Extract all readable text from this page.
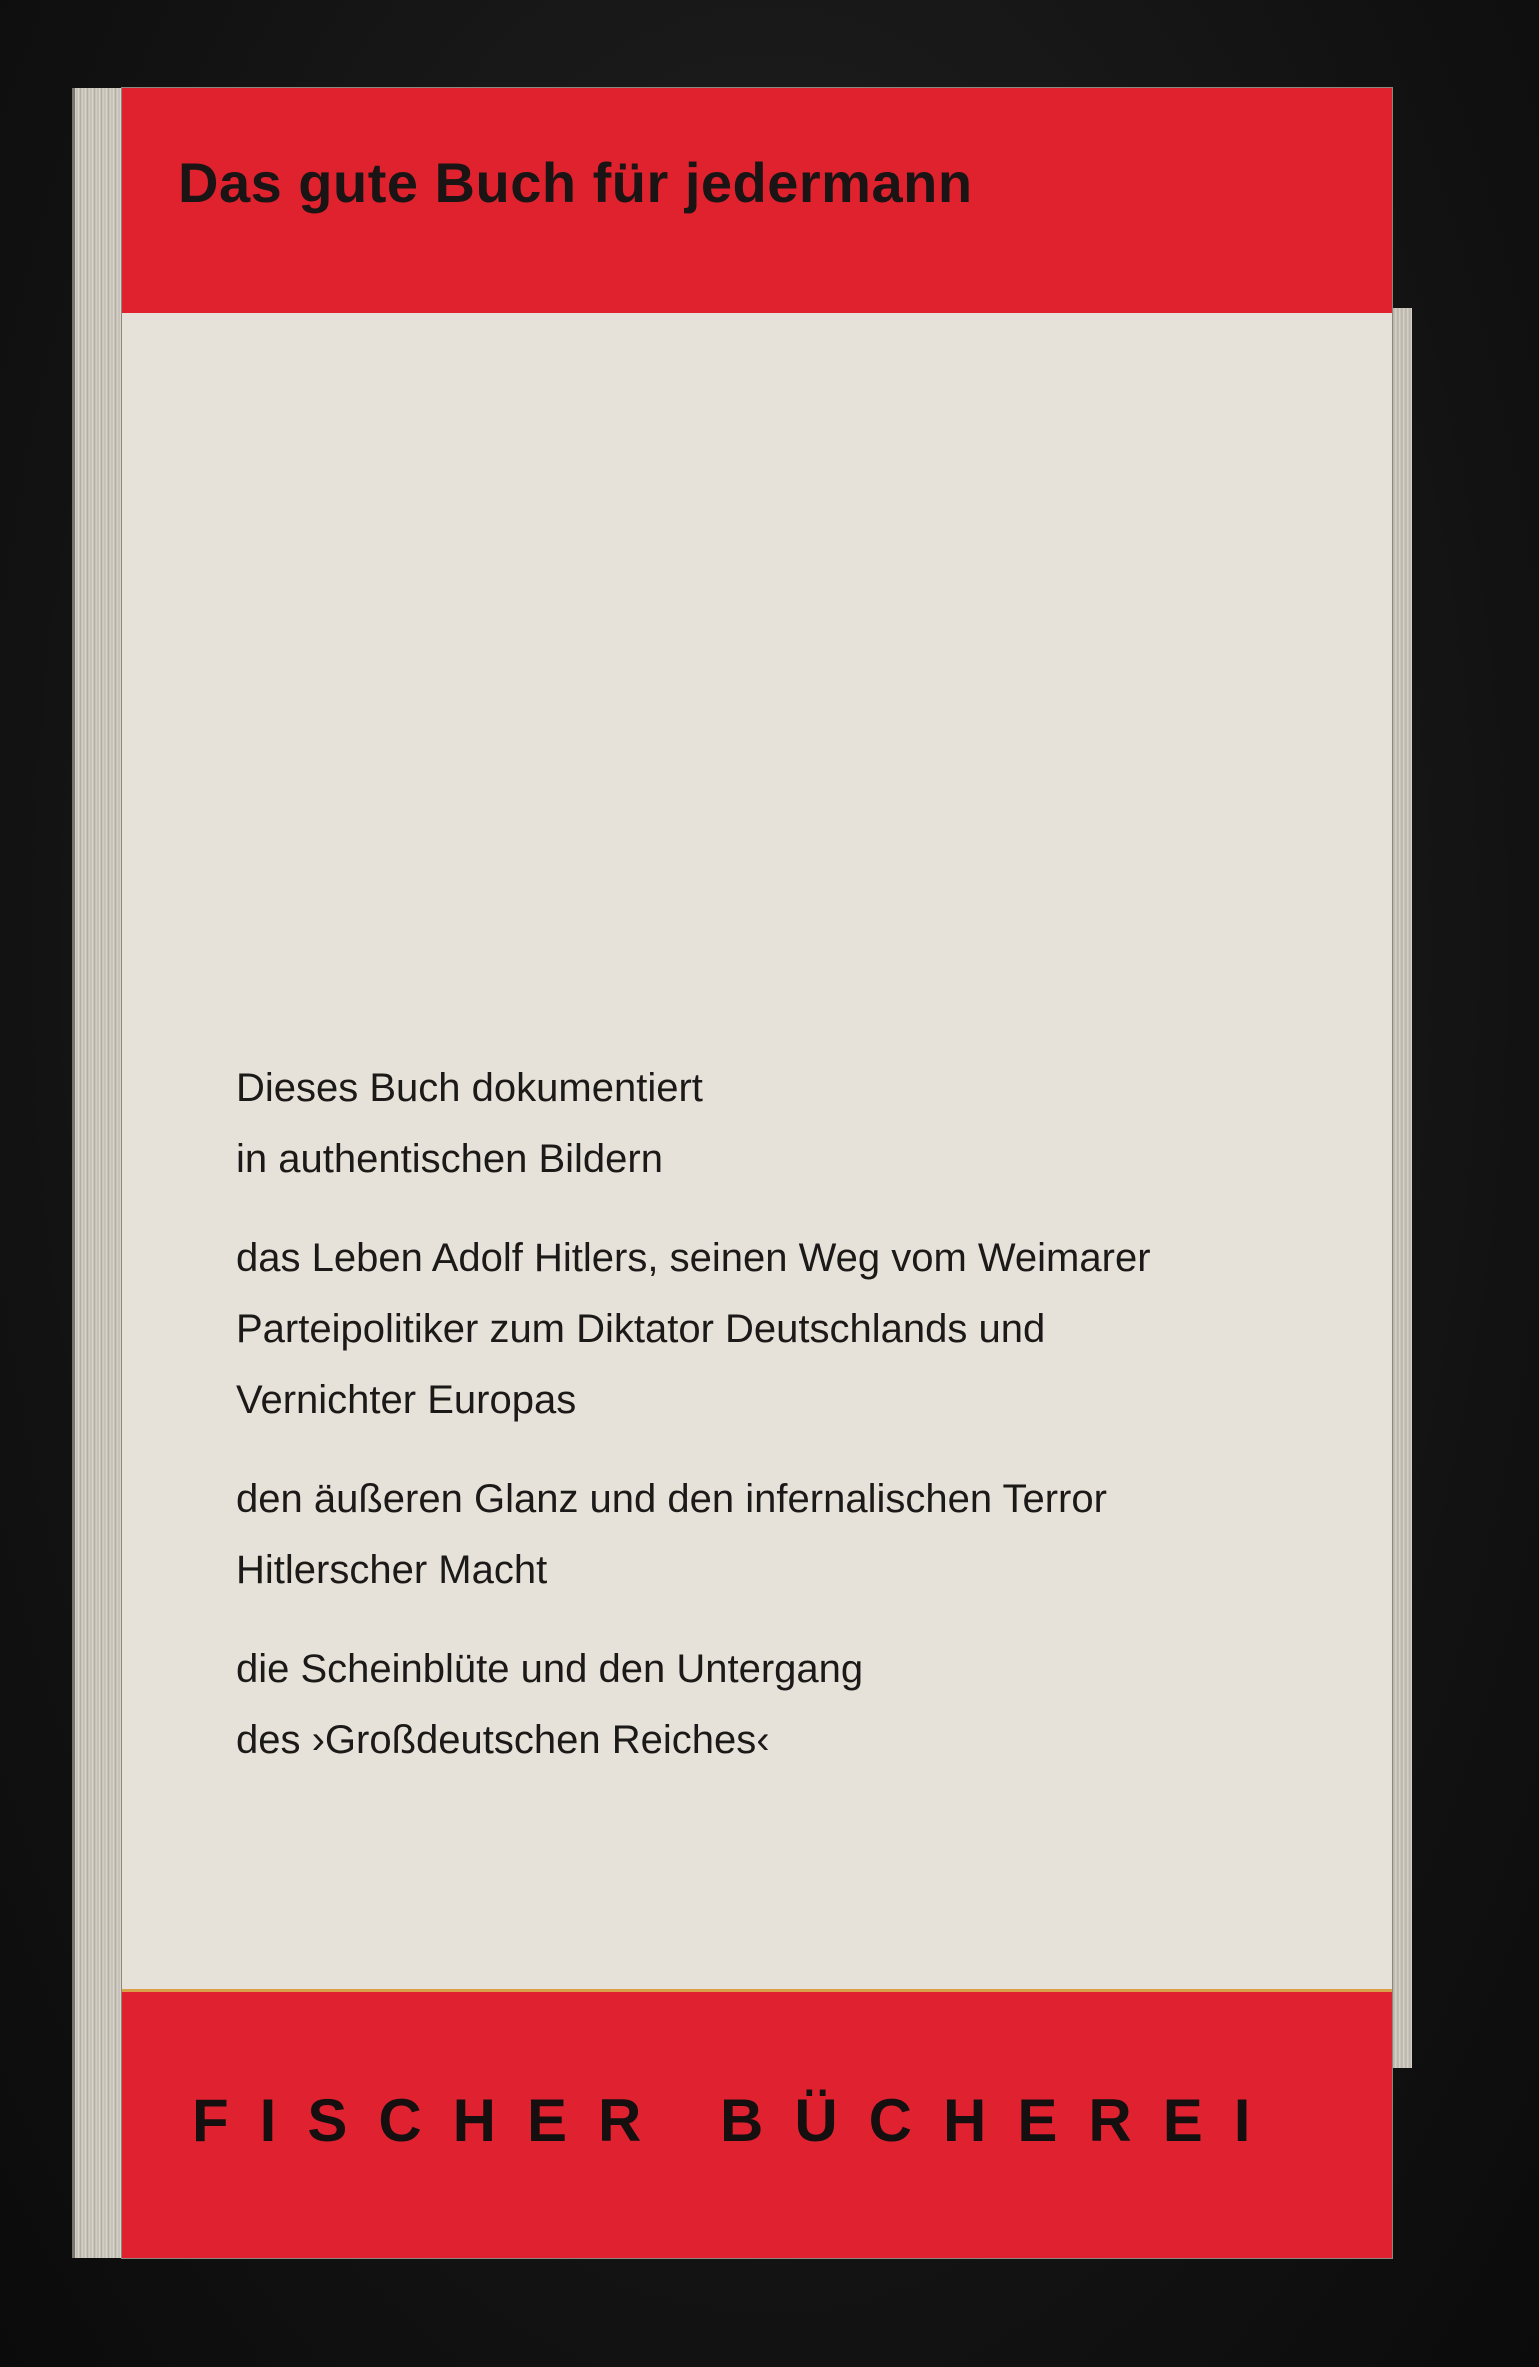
Das gute Buch für jedermann

Dieses Buch dokumentiert
in authentischen Bildern

das Leben Adolf Hitlers, seinen Weg vom Weimarer
Parteipolitiker zum Diktator Deutschlands und
Vernichter Europas

den äußeren Glanz und den infernalischen Terror
Hitlerscher Macht

die Scheinblüte und den Untergang
des ›Großdeutschen Reiches‹

FISCHER BÜCHEREI
